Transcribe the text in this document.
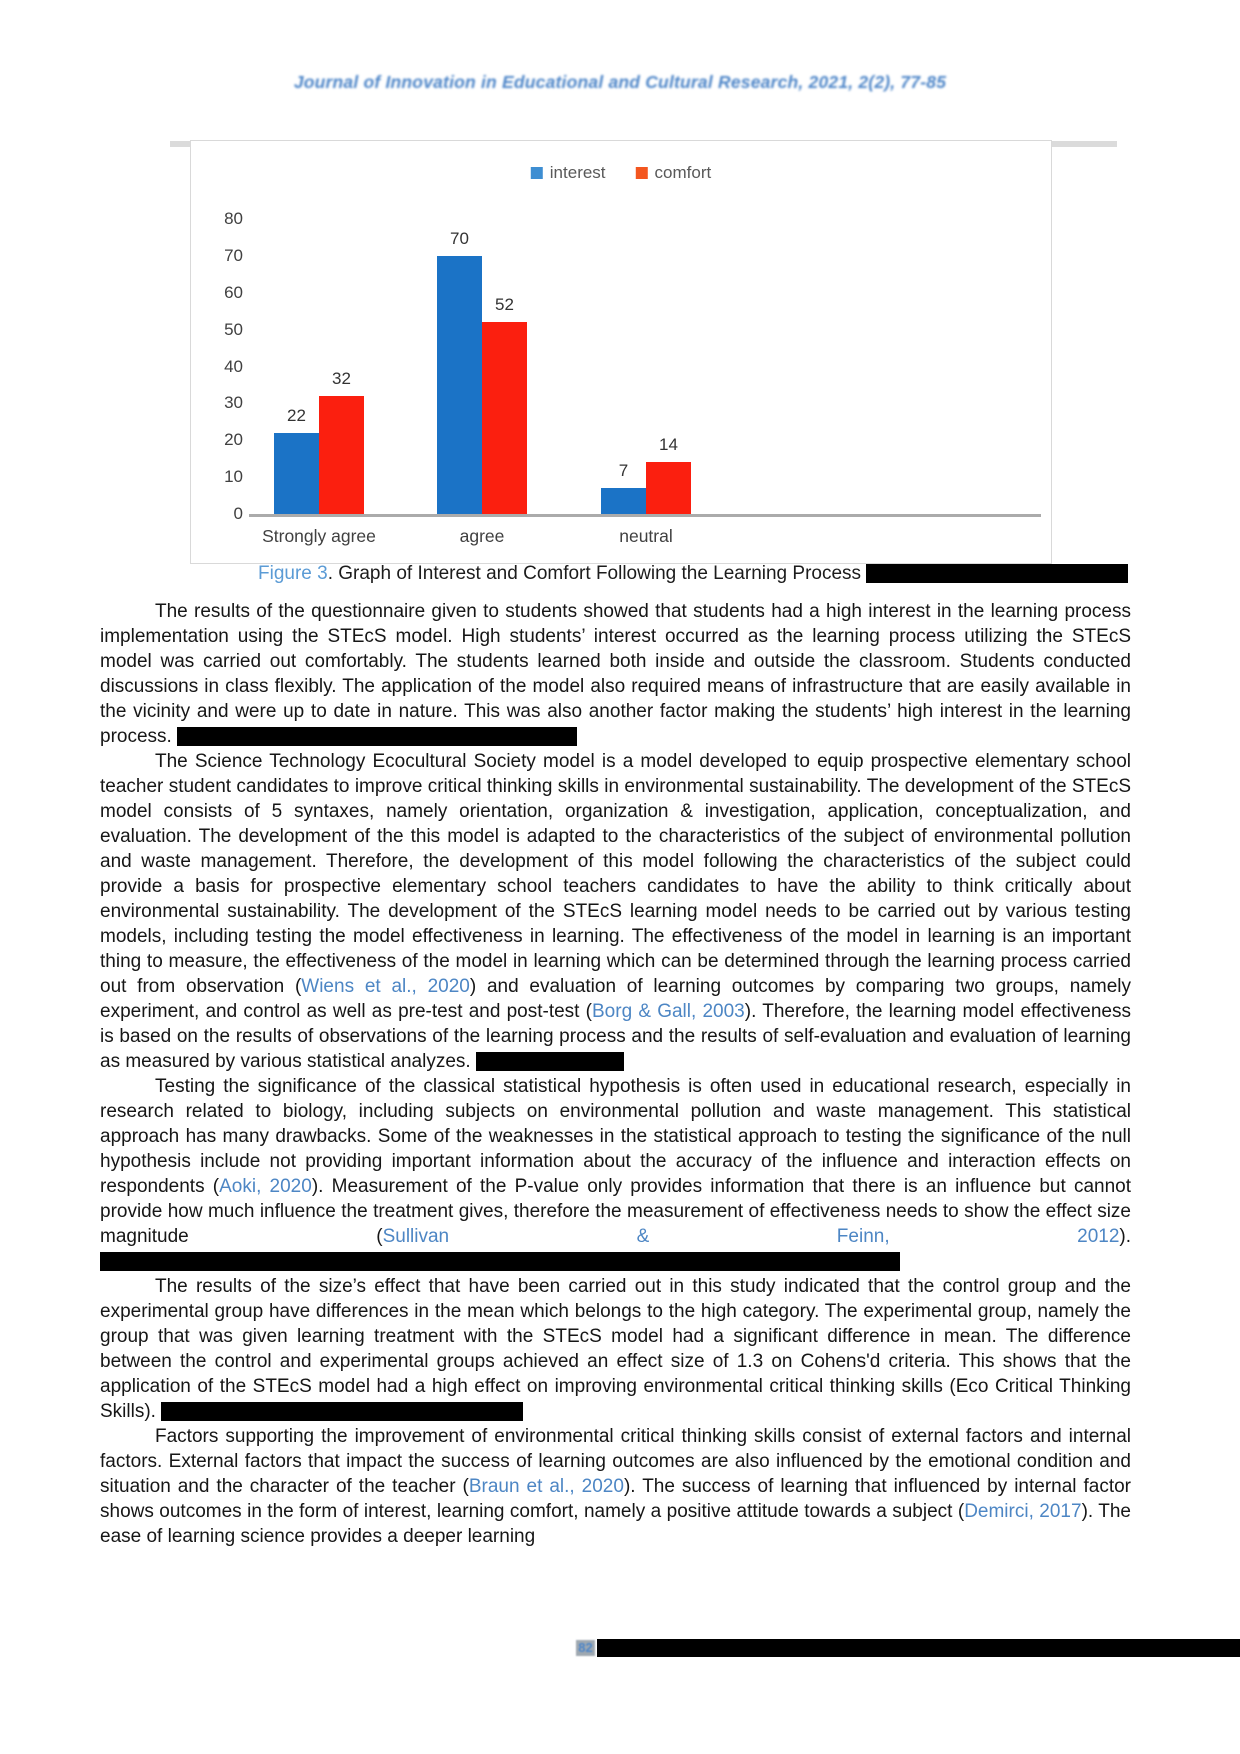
Journal of Innovation in Educational and Cultural Research, 2021, 2(2), 77-85
interest	comfort
0
10
20
30
40
50
60
70
80
22
70
7
32
52
14
Strongly agree	agree	neutral
Figure 3. Graph of Interest and Comfort Following the Learning Process

The results of the questionnaire given to students showed that students had a high interest in the learning process implementation using the STEcS model. High students’ interest occurred as the learning process utilizing the STEcS model was carried out comfortably. The students learned both inside and outside the classroom. Students conducted discussions in class flexibly. The application of the model also required means of infrastructure that are easily available in the vicinity and were up to date in nature. This was also another factor making the students’ high interest in the learning process.

The Science Technology Ecocultural Society model is a model developed to equip prospective elementary school teacher student candidates to improve critical thinking skills in environmental sustainability. The development of the STEcS model consists of 5 syntaxes, namely orientation, organization & investigation, application, conceptualization, and evaluation. The development of the this model is adapted to the characteristics of the subject of environmental pollution and waste management. Therefore, the development of this model following the characteristics of the subject could provide a basis for prospective elementary school teachers candidates to have the ability to think critically about environmental sustainability. The development of the STEcS learning model needs to be carried out by various testing models, including testing the model effectiveness in learning. The effectiveness of the model in learning is an important thing to measure, the effectiveness of the model in learning which can be determined through the learning process carried out from observation (Wiens et al., 2020) and evaluation of learning outcomes by comparing two groups, namely experiment, and control as well as pre-test and post-test (Borg & Gall, 2003). Therefore, the learning model effectiveness is based on the results of observations of the learning process and the results of self-evaluation and evaluation of learning as measured by various statistical analyzes.

Testing the significance of the classical statistical hypothesis is often used in educational research, especially in research related to biology, including subjects on environmental pollution and waste management. This statistical approach has many drawbacks. Some of the weaknesses in the statistical approach to testing the significance of the null hypothesis include not providing important information about the accuracy of the influence and interaction effects on respondents (Aoki, 2020). Measurement of the P-value only provides information that there is an influence but cannot provide how much influence the treatment gives, therefore the measurement of effectiveness needs to show the effect size magnitude (Sullivan & Feinn, 2012).

The results of the size’s effect that have been carried out in this study indicated that the control group and the experimental group have differences in the mean which belongs to the high category. The experimental group, namely the group that was given learning treatment with the STEcS model had a significant difference in mean. The difference between the control and experimental groups achieved an effect size of 1.3 on Cohens'd criteria. This shows that the application of the STEcS model had a high effect on improving environmental critical thinking skills (Eco Critical Thinking Skills).

Factors supporting the improvement of environmental critical thinking skills consist of external factors and internal factors. External factors that impact the success of learning outcomes are also influenced by the emotional condition and situation and the character of the teacher (Braun et al., 2020). The success of learning that influenced by internal factor shows outcomes in the form of interest, learning comfort, namely a positive attitude towards a subject (Demirci, 2017). The ease of learning science provides a deeper learning

82
